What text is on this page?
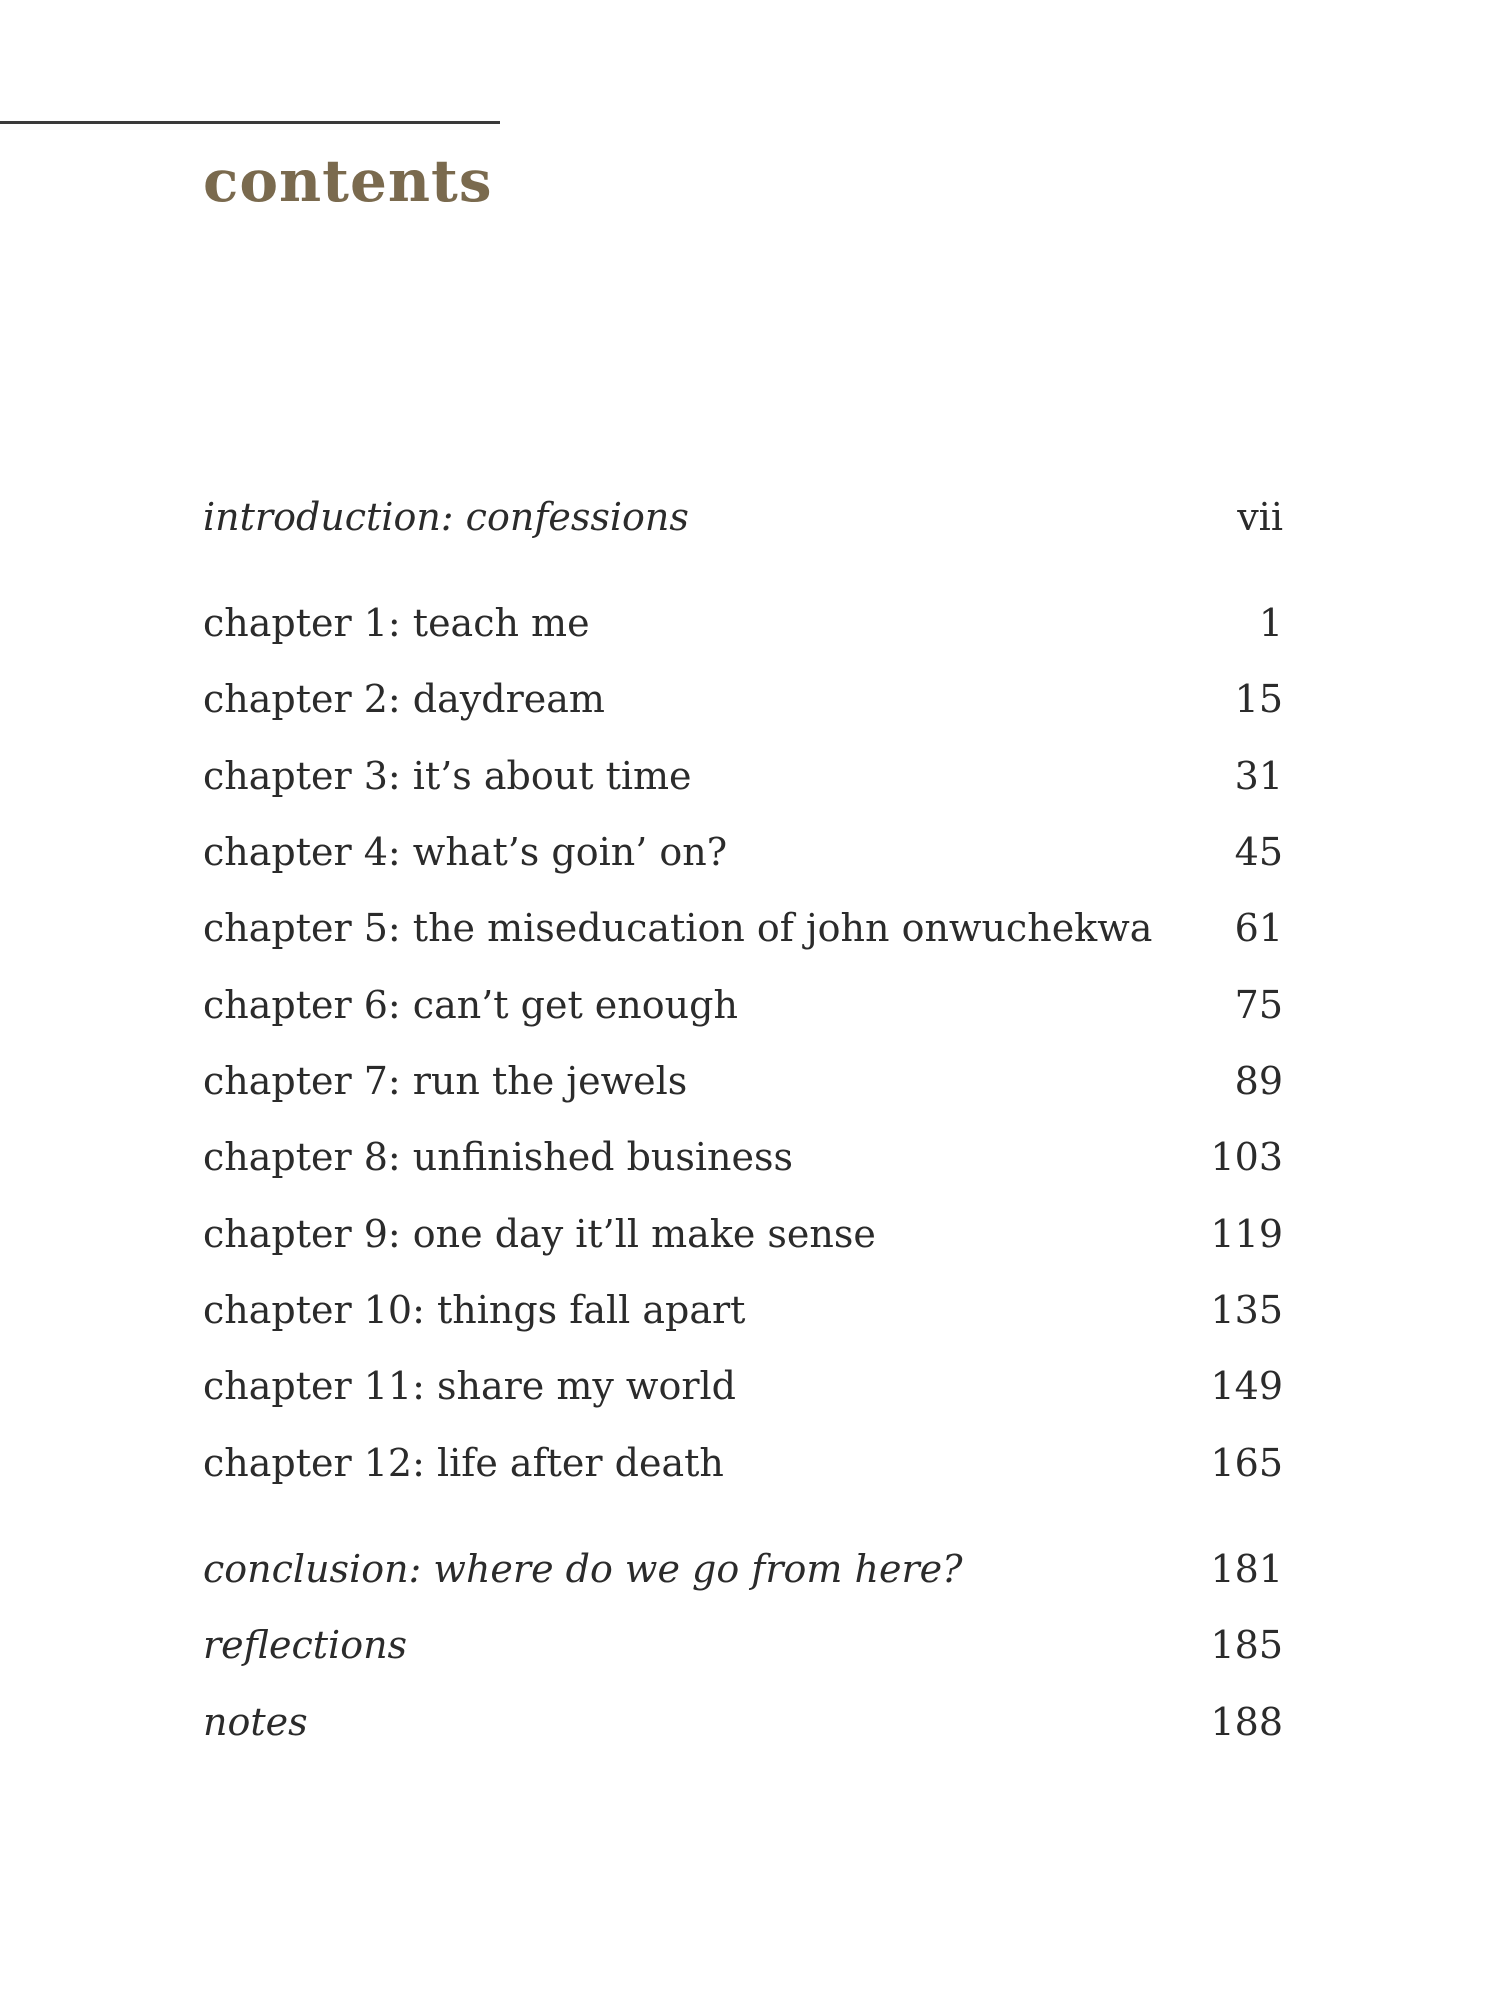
contents
introduction: confessions	vii
chapter 1: teach me	1
chapter 2: daydream	15
chapter 3: it’s about time	31
chapter 4: what’s goin’ on?	45
chapter 5: the miseducation of john onwuchekwa 61
chapter 6: can’t get enough	75
chapter 7: run the jewels	89
chapter 8: unfinished business	103
chapter 9: one day it’ll make sense	119
chapter 10: things fall apart	135
chapter 11: share my world	149
chapter 12: life after death	165
conclusion: where do we go from here?	181
reflections	185
notes	188
